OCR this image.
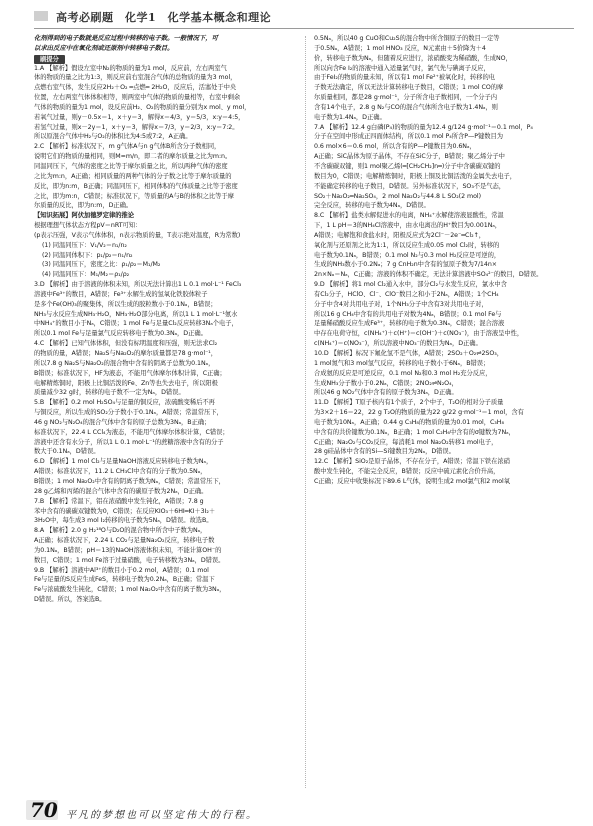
高考必刷题　化学1　化学基本概念和理论
化剂得到的电子数就是反应过程中转移的电子数。一般情况下，可
以求出反应中在氧化剂或还原剂中转移电子数目。
刷提分
1.A 【解析】假设左室中N₂的物质的量为1 mol，反应前，左右两室气
体的物质的量之比为1:3，则反应前右室混合气体的总物质的量为3 mol，
点燃右室气体，发生反应2H₂＋O₂ ═点燃═ 2H₂O，反应后，活塞处于中央
位置，左右两室气体体积相等，则两室中气体的物质的量相等，右室中剩余
气体的物质的量为1 mol，设反应前H₂、O₂的物质的量分别为x mol、y mol，
若氧气过量，则y－0.5x＝1，x＋y＝3，解得x＝4/3，y＝5/3，x:y＝4:5，
若氢气过量，则x－2y＝1，x＋y＝3，解得x＝7/3，y＝2/3，x:y＝7:2。
所以原混合气体中H₂与O₂的体积比为4:5或7:2，A正确。
2.C 【解析】标准状况下，m g气体A与n g气体B所含分子数相同，
说明它们的物质的量相同，则M=m/n，即二者的摩尔质量之比为m:n。
同温同压下，气体的密度之比等于摩尔质量之比，所以两种气体的密度
之比为m:n，A正确；相同质量的两种气体的分子数之比等于摩尔质量的
反比，即为n:m，B正确；同温同压下，相同体积的气体质量之比等于密度
之比，即为m:n，C错误；标准状况下，等质量的A与B的体积之比等于摩
尔质量的反比，即为n:m，D正确。
【知识拓展】阿伏加德罗定律的推论
根据理想气体状态方程pV＝nRT可知：
(p表示压强，V表示气体体积，n表示物质的量，T表示绝对温度，R为常数)
(1) 同温同压下：V₁/V₂＝n₁/n₂
(2) 同温同体积下：p₁/p₂＝n₁/n₂
(3) 同温同压下，密度之比：ρ₁/ρ₂＝M₁/M₂
(4) 同温同压下：M₁/M₂＝ρ₁/ρ₂
3.D 【解析】由于溶液的体积未知，所以无法计算出1 L 0.1 mol·L⁻¹ FeCl₃
溶液中Fe³⁺的数目，A错误；Fe³⁺水解生成的氢氧化铁胶体粒子
是多个Fe(OH)₃的聚集体，所以生成的胶粒数小于0.1Nₐ，B错误；
NH₃与水反应生成NH₃·H₂O，NH₃·H₂O部分电离，所以1 L 1 mol·L⁻¹氨水
中NH₄⁺的数目小于Nₐ，C错误；1 mol Fe与足量Cl₂反应转移3Nₐ个电子，
所以0.1 mol Fe与足量氯气反应转移电子数为0.3Nₐ，D正确。
4.C 【解析】已知气体体积，但没有标明温度和压强，则无法求Cl₂
的物质的量，A错误；Na₂S与Na₂O₂的摩尔质量都是78 g·mol⁻¹，
所以7.8 g Na₂S与Na₂O₂的混合物中含有的阴离子总数为0.1Nₐ，
B错误；标准状况下，HF为液态，不能用气体摩尔体积计算，C正确；
电解精炼铜时，阳极上比铜活泼的Fe、Zn等也失去电子，所以阳极
质量减少32 g时，转移的电子数不一定为Nₐ，D错误。
5.B 【解析】0.2 mol H₂SO₄与足量的铜反应，浓硫酸变稀后不再
与铜反应，所以生成的SO₂分子数小于0.1Nₐ，A错误；常温常压下，
46 g NO₂与N₂O₄的混合气体中含有的原子总数为3Nₐ，B正确；
标准状况下，22.4 L CCl₄为液态，不能用气体摩尔体积计算，C错误；
溶液中还含有水分子，所以1 L 0.1 mol·L⁻¹的蔗糖溶液中含有的分子
数大于0.1Nₐ，D错误。
6.D 【解析】1 mol Cl₂与足量NaOH溶液反应转移电子数为Nₐ，
A错误；标准状况下，11.2 L CH₃Cl中含有的分子数为0.5Nₐ，
B错误；1 mol Na₂O₂中含有的阴离子数为Nₐ，C错误；常温常压下，
28 g乙烯和丙烯的混合气体中含有的碳原子数为2Nₐ，D正确。
7.B 【解析】常温下，铝在浓硝酸中发生钝化，A错误；7.8 g
苯中含有的碳碳双键数为0，C错误；在反应KIO₃＋6HI═KI＋3I₂＋
3H₂O中，每生成3 mol I₂转移的电子数为5Nₐ，D错误。故选B。
8.A 【解析】2.0 g H₂¹⁸O与D₂O的混合物中所含中子数为Nₐ，
A正确；标准状况下，2.24 L CO₂与足量Na₂O₂反应，转移电子数
为0.1Nₐ，B错误；pH＝13的NaOH溶液体积未知，不能计算OH⁻的
数目，C错误；1 mol Fe溶于过量硝酸，电子转移数为3Nₐ，D错误。
9.B 【解析】溶液中Al³⁺的数目小于0.2 mol，A错误；0.1 mol
Fe与足量的S反应生成FeS，转移电子数为0.2Nₐ，B正确；常温下
Fe与浓硫酸发生钝化，C错误；1 mol Na₂O₂中含有的离子数为3Nₐ，
D错误。所以，答案选B。
0.5Nₐ，所以40 g CuO和Cu₂S的混合物中所含铜原子的数目一定等
于0.5Nₐ，A错误；1 mol HNO₃ 反应，N元素由＋5价降为＋4
价，转移电子数为Nₐ，但随着反应进行，浓硝酸变为稀硝酸，生成NO，
所以向含Fe I₂的溶液中通入适量氯气时，氯气先与碘离子反应，
由于FeI₂的物质的量未知，所以有1 mol Fe²⁺被氧化时，转移的电
子数无法确定，所以无法计算转移电子数目，C错误；1 mol CO的摩
尔质量相同，都是28 g·mol⁻¹，分子所含电子数相同，一个分子内
含有14个电子，2.8 g N₂与CO的混合气体所含电子数为1.4Nₐ，则
电子数为1.4Nₐ，D正确。
7.A 【解析】12.4 g白磷(P₄)的物质的量为12.4 g/124 g·mol⁻¹＝0.1 mol，P₄
分子在空间中形成正四面体结构，所以0.1 mol P₄所含P—P键数目为
0.6 mol×6＝0.6 mol，所以含有的P—P键数目为0.6Nₐ，
A正确；SiC晶体为原子晶体，不存在SiC分子，B错误；聚乙烯分子中
不含碳碳双键，则1 mol聚乙烯(═[CH₂CH₂]n═)分子中含碳碳双键的
数目为0，C错误；电解精炼铜时，阳极上铜及比铜活泼的金属失去电子，
不能确定转移的电子数目，D错误。另外标准状况下，SO₃不是气态，
SO₂＋Na₂O₂═Na₂SO₄，2 mol Na₂O₂与44.8 L SO₂(2 mol)
完全反应，转移的电子数为4Nₐ，D错误。
8.C 【解析】盐类水解促进水的电离，NH₄⁺水解使溶液显酸性，常温
下，1 L pH＝3的NH₄Cl溶液中，由水电离出的H⁺数目为0.001Nₐ，
A错误；电解饱和食盐水时，阳极反应式为2Cl⁻－2e⁻═Cl₂↑，
氧化剂与还原剂之比为1:1，所以反应生成0.05 mol Cl₂时，转移的
电子数为0.1Nₐ，B错误；0.1 mol N₂与0.3 mol H₂反应是可逆的，
生成的NH₃数小于0.2Nₐ；7 g CnH₂n中含有的氢原子数为7/14n×
2n×Nₐ＝Nₐ，C正确；溶液的体积不确定，无法计算溶液中SO₄²⁻的数目，D错误。
9.D 【解析】将1 mol Cl₂通入水中，部分Cl₂与水发生反应，氯水中含
有Cl₂分子，HClO、Cl⁻、ClO⁻数目之和小于2Nₐ，A错误；1个CH₄
分子中含4对共用电子对，1个NH₃分子中含有3对共用电子对，
所以16 g CH₄中含有的共用电子对数为4Nₐ，B错误；0.1 mol Fe与
足量稀硝酸反应生成Fe³⁺，转移的电子数为0.3Nₐ，C错误；混合溶液
中存在电荷守恒，c(NH₄⁺)＋c(H⁺)＝c(OH⁻)＋c(NO₃⁻)，由于溶液呈中性，
c(NH₄⁺)＝c(NO₃⁻)，所以溶液中NO₃⁻的数目为Nₐ，D正确。
10.D 【解析】标况下氟化氢不是气体，A错误；2SO₂＋O₂⇌2SO₃，
1 mol氮气和3 mol氢气反应，转移的电子数小于6Nₐ，B错误；
合成氨的反应是可逆反应，0.1 mol N₂和0.3 mol H₂充分反应，
生成NH₃分子数小于0.2Nₐ，C错误；2NO₂⇌N₂O₄，
所以46 g NO₂气体中含有的原子数为3Nₐ，D正确。
11.D 【解析】T原子核内有1个质子，2个中子，T₂O的相对分子质量
为3×2＋16＝22，22 g T₂O的物质的量为22 g/22 g·mol⁻¹＝1 mol，含有
电子数为10Nₐ，A正确；0.44 g C₃H₈的物质的量为0.01 mol，C₃H₈
中含有的共价键数为0.1Nₐ，B正确；1 mol C₂H₆中含有的σ键数为7Nₐ，
C正确；Na₂O₂与CO₂反应，每消耗1 mol Na₂O₂转移1 mol电子，
28 g硅晶体中含有的Si—Si键数目为2Nₐ，D错误。
12.C 【解析】SiO₂是原子晶体，不存在分子，A错误；常温下铁在浓硝
酸中发生钝化，不能完全反应，B错误；反应中硫元素化合价升高，
C正确；反应中收集标况下89.6 L气体，说明生成2 mol氯气和2 mol氧
70 平凡的梦想也可以坚定伟大的行程。
